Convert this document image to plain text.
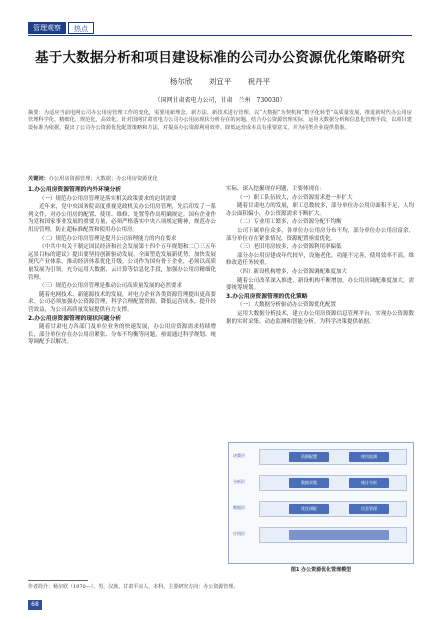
管理观察	热点
基于大数据分析和项目建设标准的公司办公资源优化策略研究
杨尔欣 刘宜平 祝丹平
（国网甘肃省电力公司，甘肃　兰州　730030）
摘要：为适应当前电网公司办公用房管理工作的变化，需要用新理念、新方法、新技术进行管理。以“大数据”为契机和“数字化转型”高质量发展，推进新时代办公用房管理科学化、精细化、规范化、高效化。针对国网甘肃省电力公司办公用房现状分析存在的问题，结合办公资源管理实际，运用大数据分析和信息化管理手段，以项目建设标准为依据，提出了公司办公资源优化配置策略和方法，对提高办公资源利用效率、降低运营成本具有重要意义，并为同类企业提供借鉴。
关键词：办公用房资源管理；大数据；办公用房资源优化
1.办公用房资源管理的内外环境分析
（一）规范办公用房管理是落实相关政策要求的迫切需要

近年来，党中央国务院高度重视党政机关办公用房管理，先后印发了一系列文件，对办公用房的配置、使用、维修、处置等作出明确规定。国有企业作为党和国家事业发展的重要力量，必须严格落实中央八项规定精神，规范办公用房管理，防止超标准配置和使用办公用房。

（二）规范办公用房管理是提升公司治理能力的内在要求

《中共中央关于制定国民经济和社会发展第十四个五年规划和二〇三五年远景目标的建议》提出要坚持创新驱动发展，全面塑造发展新优势，加快发展现代产业体系，推动经济体系优化升级。公司作为国有骨干企业，必须以高质量发展为引领，充分运用大数据、云计算等信息化手段，加强办公用房精细化管理。

（三）规范办公用房管理是推动公司高质量发展的必然要求

随着电网技术、新能源技术的发展，对电力企业各类资源管理提出更高要求。公司必须加强办公资源管理，科学合理配置资源，降低运营成本，提升经营效益，为公司高质量发展提供有力支撑。

2.办公用房资源管理的现状问题分析

随着甘肃电力各部门及单位业务的快速发展，办公用房资源需求持续增长，部分单位存在办公用房紧张、分布不均衡等问题，亟需通过科学规划、统筹调配予以解决。

实际，深入挖掘现存问题，主要体现在：

（一）职工队伍较大，办公资源需求进一步扩大

随着甘肃电力的发展，职工总数较多，部分单位办公用房面积不足，人均办公面积偏小，办公资源需求不断扩大。

（二）专业用工繁多，办公资源分配不均衡

公司下属单位众多，各单位办公用房分布不均，部分单位办公用房富余，部分单位存在紧张情况，资源配置亟需优化。

（三）老旧用房较多，办公资源利用率偏低

部分办公用房建成年代较早，设施老化，功能不完善，使用效率不高，维修改造任务较重。

（四）新设机构增多，办公资源调配难度加大

随着公司改革深入推进，新设机构不断增加，办公用房调配难度加大，需要统筹规划。

3.办公用房资源管理的优化策略
（一）大数据分析驱动办公资源优化配置

运用大数据分析技术，建立办公用房资源信息管理平台，实现办公资源数据的实时采集、动态监测和智能分析，为科学决策提供依据。

决策层
分析层
数据层
应用层
资源配置	使用监测
数据采集	统计分析
优化调配	信息管理
图1 办公资源优化管理模型
作者简介：杨尔欣（1970—），男，汉族，甘肃平凉人，本科，主要研究方向：办公资源管理。
68
